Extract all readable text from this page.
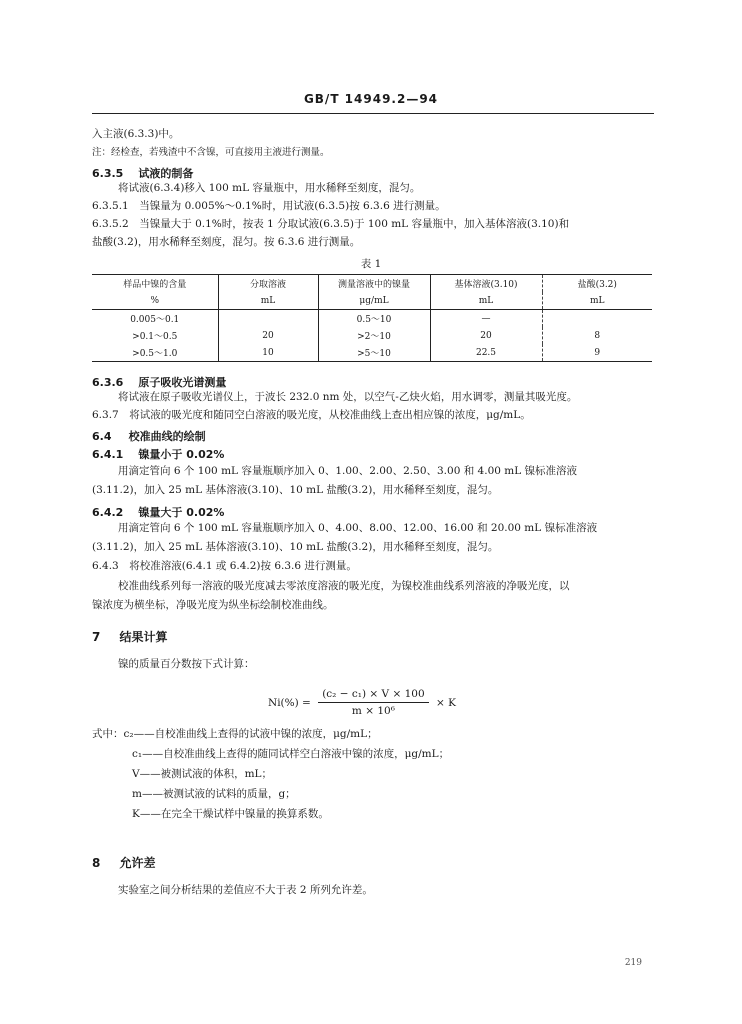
GB/T 14949.2—94
入主液(6.3.3)中。
注：经检查，若残渣中不含镍，可直接用主液进行测量。
6.3.5 试液的制备
将试液(6.3.4)移入 100 mL 容量瓶中，用水稀释至刻度，混匀。
6.3.5.1　当镍量为 0.005%～0.1%时，用试液(6.3.5)按 6.3.6 进行测量。
6.3.5.2　当镍量大于 0.1%时，按表 1 分取试液(6.3.5)于 100 mL 容量瓶中，加入基体溶液(3.10)和
盐酸(3.2)，用水稀释至刻度，混匀。按 6.3.6 进行测量。
表 1
样品中镍的含量	分取溶液	测量溶液中的镍量	基体溶液(3.10)	盐酸(3.2)
%	mL	μg/mL	mL	mL
0.005～0.1		0.5～10	—	
>0.1～0.5	20	>2～10	20	8
>0.5～1.0	10	>5～10	22.5	9
6.3.6 原子吸收光谱测量
将试液在原子吸收光谱仪上，于波长 232.0 nm 处，以空气-乙炔火焰，用水调零，测量其吸光度。
6.3.7　将试液的吸光度和随同空白溶液的吸光度，从校准曲线上查出相应镍的浓度，μg/mL。
6.4 校准曲线的绘制
6.4.1 镍量小于 0.02%
用滴定管向 6 个 100 mL 容量瓶顺序加入 0、1.00、2.00、2.50、3.00 和 4.00 mL 镍标准溶液
(3.11.2)，加入 25 mL 基体溶液(3.10)、10 mL 盐酸(3.2)，用水稀释至刻度，混匀。
6.4.2 镍量大于 0.02%
用滴定管向 6 个 100 mL 容量瓶顺序加入 0、4.00、8.00、12.00、16.00 和 20.00 mL 镍标准溶液
(3.11.2)，加入 25 mL 基体溶液(3.10)、10 mL 盐酸(3.2)，用水稀释至刻度，混匀。
6.4.3　将校准溶液(6.4.1 或 6.4.2)按 6.3.6 进行测量。
校准曲线系列每一溶液的吸光度减去零浓度溶液的吸光度，为镍校准曲线系列溶液的净吸光度，以
镍浓度为横坐标，净吸光度为纵坐标绘制校准曲线。
7 结果计算
镍的质量百分数按下式计算：
$Ni(\%) = \frac{\text{(c₂ − c₁) × V × 100}}{\text{m × 10⁶}} \times K$
式中：c₂——自校准曲线上查得的试液中镍的浓度，μg/mL；
c₁——自校准曲线上查得的随同试样空白溶液中镍的浓度，μg/mL；
V——被测试液的体积，mL；
m——被测试液的试料的质量，g；
K——在完全干燥试样中镍量的换算系数。
8 允许差
实验室之间分析结果的差值应不大于表 2 所列允许差。
219
